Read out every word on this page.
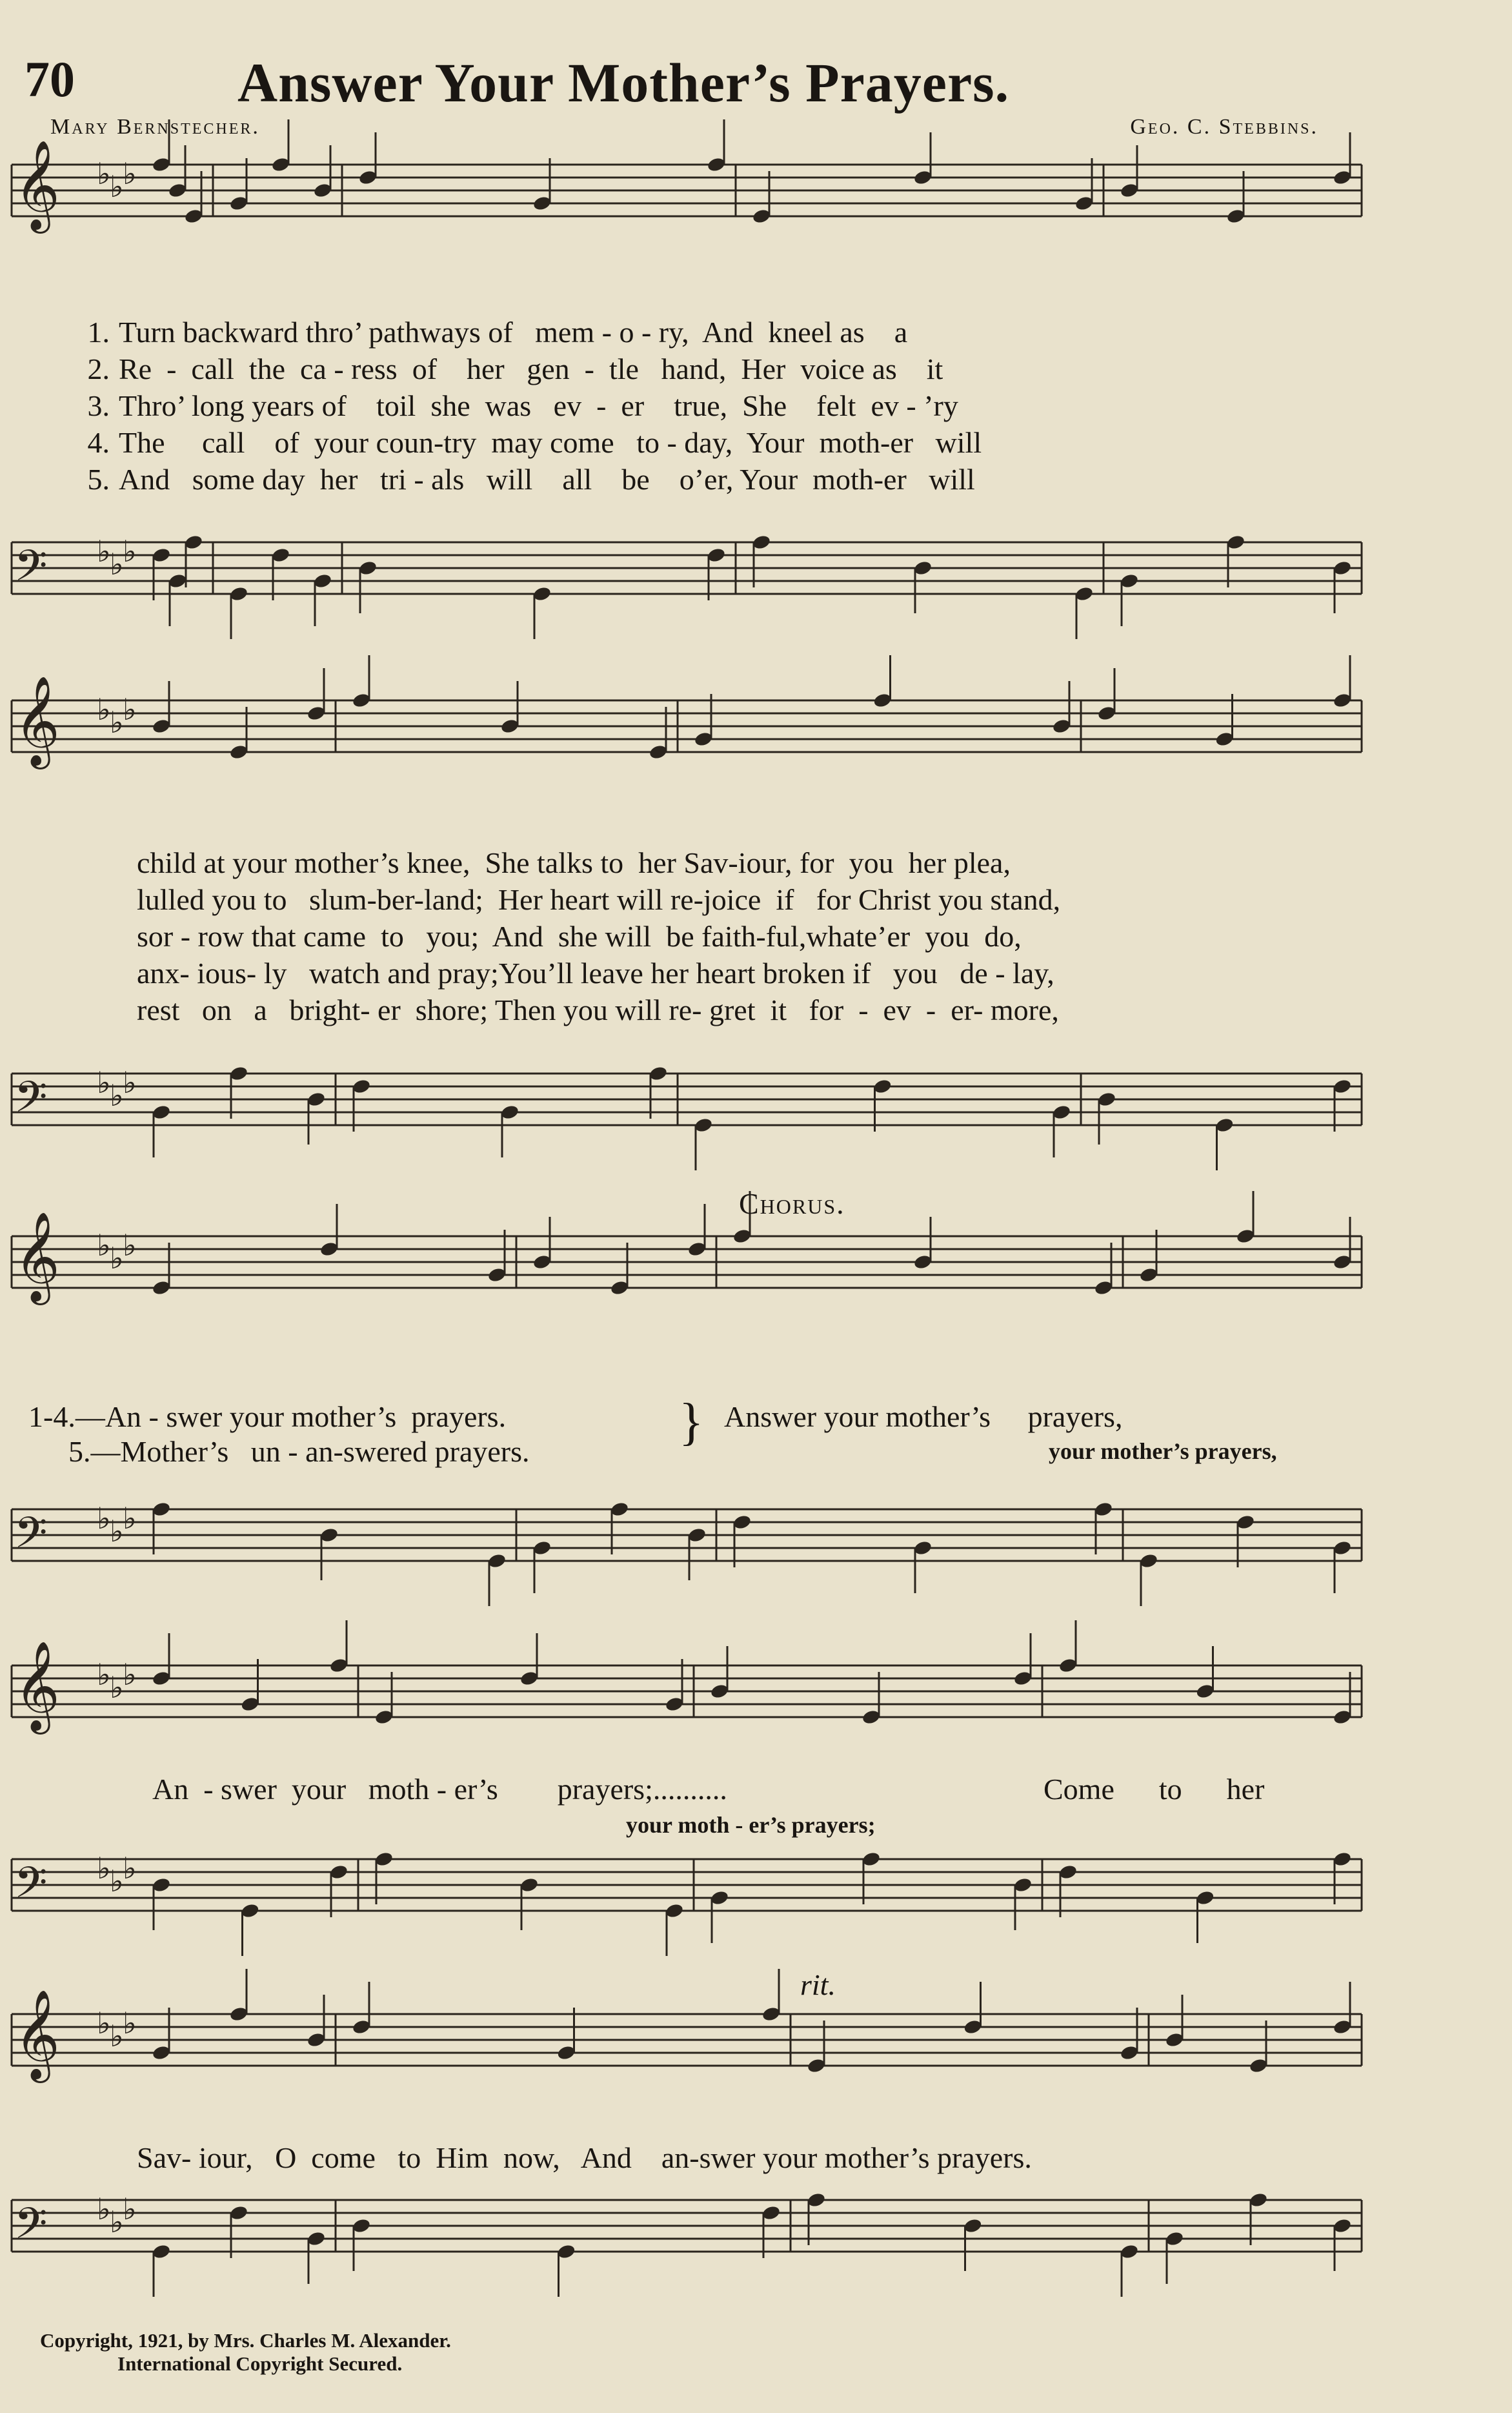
𝄞 ♭
♭
♭
𝄢 ♭
♭
♭
𝄞 ♭
♭
♭
𝄢 ♭
♭
♭
𝄞 ♭
♭
♭
𝄢 ♭
♭
♭
𝄞 ♭
♭
♭
𝄢 ♭
♭
♭
𝄞 ♭
♭
♭
𝄢 ♭
♭
♭
70	Answer Your Mother’s Prayers.
Mary Bernstecher.	Geo. C. Stebbins.
1. Turn backward thro’ pathways of   mem - o - ry,  And  kneel as    a
2. Re  -  call  the  ca - ress  of    her   gen  -  tle   hand,  Her  voice as    it
3. Thro’ long years of    toil  she  was   ev  -  er    true,  She    felt  ev - ’ry
4. The     call    of  your coun-try  may come   to - day,  Your  moth-er   will
5. And   some day  her   tri - als   will    all    be    o’er, Your  moth-er   will
child at your mother’s knee,  She talks to  her Sav-iour, for  you  her plea,
lulled you to   slum-ber-land;  Her heart will re-joice  if   for Christ you stand,
sor - row that came  to   you;  And  she will  be faith-ful,whate’er  you  do,
anx- ious- ly   watch and pray;You’ll leave her heart broken if   you   de - lay,
rest   on   a   bright- er  shore; Then you will re- gret  it   for  -  ev  -  er- more,
Chorus.
1-4.—An - swer your mother’s  prayers.
5.—Mother’s   un - an-swered prayers.
} Answer your mother’s     prayers,
your mother’s prayers,
An  - swer  your   moth - er’s        prayers;..........	Come      to      her
your moth - er’s prayers;
rit.
Sav- iour,   O  come   to  Him  now,   And    an-swer your mother’s prayers.
Copyright, 1921, by Mrs. Charles M. Alexander.
International Copyright Secured.
